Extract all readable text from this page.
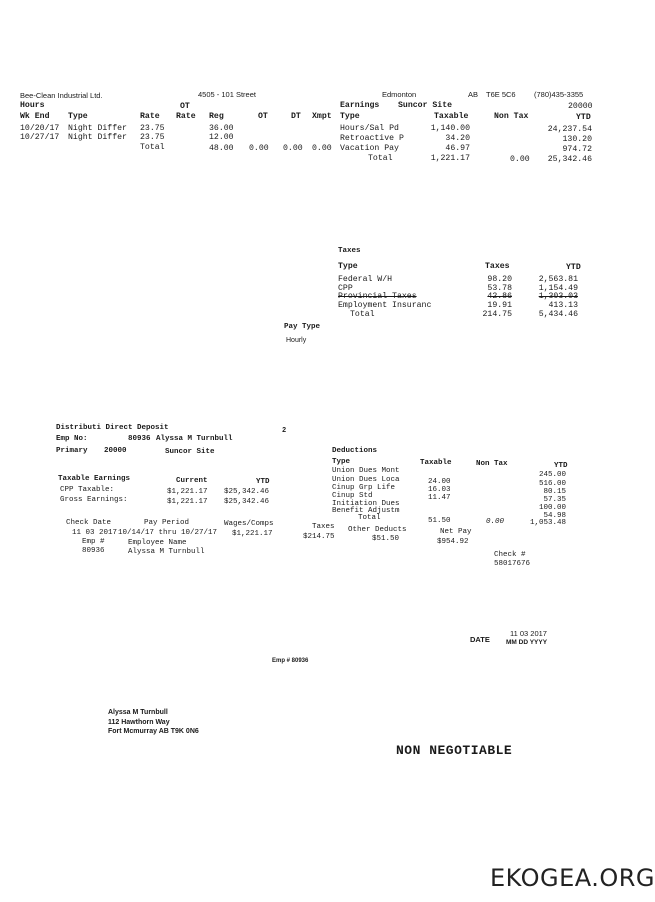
Bee-Clean Industrial Ltd.	4505 - 101 Street	Edmonton	AB T6E 5C6 (780)435-3355
Hours	OT
Wk End Type	Rate Rate Reg	OT	DT Xmpt
10/20/17 Night Differ 23.75	36.00
10/27/17 Night Differ 23.75	12.00
Total	48.00 0.00 0.00 0.00
Earnings Suncor Site	20000
Type	Taxable	Non Tax	YTD
Hours/Sal Pd	1,140.00	24,237.54
Retroactive P	34.20	130.20
Vacation Pay	46.97	974.72
Total	1,221.17	0.00	25,342.46
Taxes
Type	Taxes	YTD
Federal W/H	98.20	2,563.81
CPP	53.78	1,154.49
Provincial Taxes	42.86	1,303.03
Employment Insuranc	19.91	413.13
Total	214.75	5,434.46
Pay Type
Hourly
Distributi Direct Deposit	2
Emp No:	80936 Alyssa M Turnbull
Primary 20000	Suncor Site
Taxable Earnings	Current	YTD
CPP Taxable:	$1,221.17 $25,342.46
Gross Earnings:	$1,221.17 $25,342.46
Check Date	Pay Period	Wages/Comps
11 03 2017 10/14/17 thru 10/27/17 $1,221.17
Emp #	Employee Name
80936	Alyssa M Turnbull
Taxes
$214.75
Other Deducts
$51.50
Net Pay
$954.92
Check #
58017676
Deductions
Type	Taxable	Non Tax	YTD
Union Dues Mont	245.00
Union Dues Loca	24.00	516.00
Cinup Grp Life	16.03	80.15
Cinup Std	11.47	57.35
Initiation Dues	100.00
Benefit Adjustm
54.98
Total	51.50	0.00	1,053.48
11 03 2017
DATE MM DD YYYY
Emp # 80936
Alyssa M Turnbull
112 Hawthorn Way
Fort Mcmurray AB T9K 0N6
NON NEGOTIABLE
EKOGEA.ORG
